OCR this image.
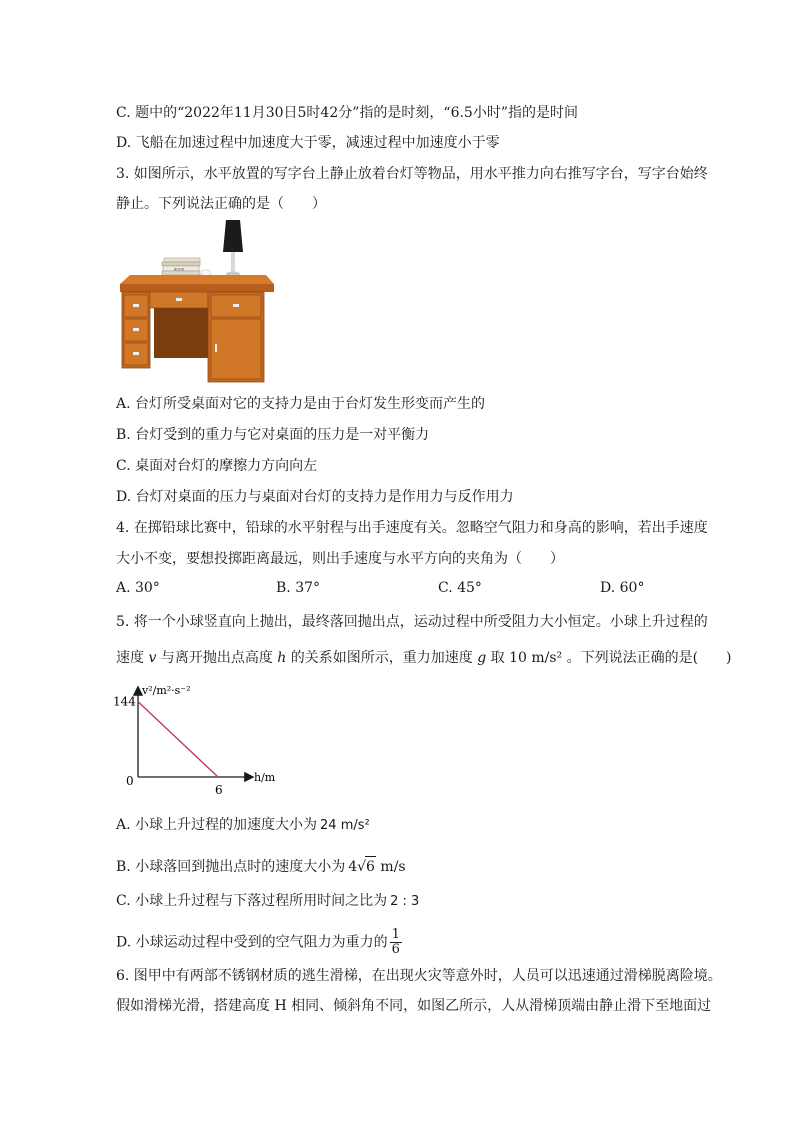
C. 题中的“2022年11月30日5时42分”指的是时刻，“6.5小时”指的是时间
D. 飞船在加速过程中加速度大于零，减速过程中加速度小于零
3. 如图所示，水平放置的写字台上静止放着台灯等物品，用水平推力向右推写字台，写字台始终
静止。下列说法正确的是（　　）
BOOK
A. 台灯所受桌面对它的支持力是由于台灯发生形变而产生的
B. 台灯受到的重力与它对桌面的压力是一对平衡力
C. 桌面对台灯的摩擦力方向向左
D. 台灯对桌面的压力与桌面对台灯的支持力是作用力与反作用力
4. 在掷铅球比赛中，铅球的水平射程与出手速度有关。忽略空气阻力和身高的影响，若出手速度
大小不变，要想投掷距离最远，则出手速度与水平方向的夹角为（　　）
A. 30°	B. 37°	C. 45°	D. 60°
5. 将一个小球竖直向上抛出，最终落回抛出点，运动过程中所受阻力大小恒定。小球上升过程的
速度 v 与离开抛出点高度 h 的关系如图所示，重力加速度 g 取 10 m/s² 。下列说法正确的是(　　)
v²/m²·s⁻²
h/m
0
144
6
A. 小球上升过程的加速度大小为 24 m/s²
B. 小球落回到抛出点时的速度大小为 4√6 m/s
C. 小球上升过程与下落过程所用时间之比为 2 : 3
D. 小球运动过程中受到的空气阻力为重力的 $\frac{1}{6}$
6. 图甲中有两部不锈钢材质的逃生滑梯，在出现火灾等意外时，人员可以迅速通过滑梯脱离险境。
假如滑梯光滑，搭建高度 H 相同、倾斜角不同，如图乙所示，人从滑梯顶端由静止滑下至地面过
